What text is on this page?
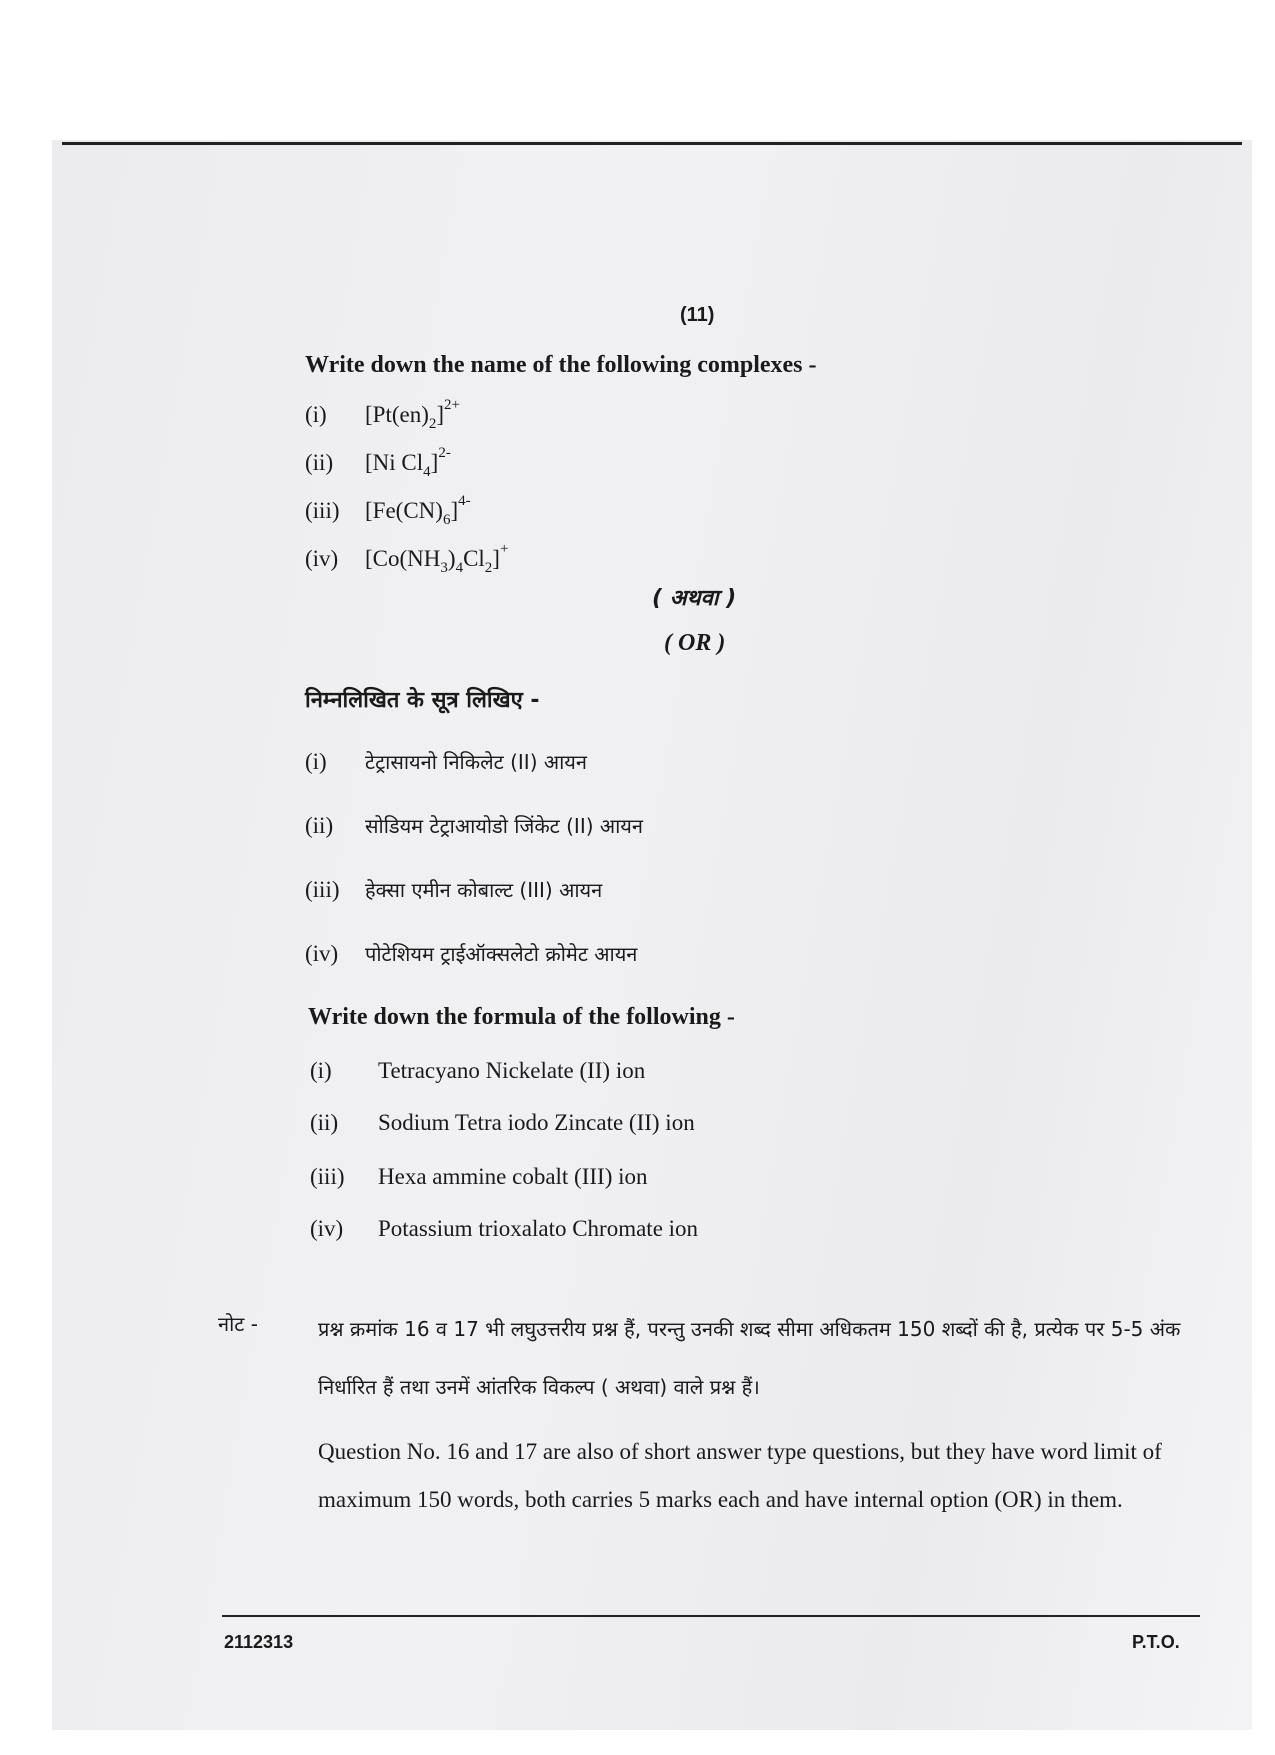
(11)
Write down the name of the following complexes -
(i) $[Pt(en)_2]^{2+}$
(ii) [Ni $Cl_4]^{2-}$
(iii) $[Fe(CN)_6]^{4-}$
(iv) $[Co(NH_3)_4Cl_2]^+$
( अथवा )
( OR )
निम्नलिखित के सूत्र लिखिए -
(i) टेट्रासायनो निकिलेट (II) आयन
(ii) सोडियम टेट्राआयोडो जिंकेट (II) आयन
(iii) हेक्सा एमीन कोबाल्ट (III) आयन
(iv) पोटेशियम ट्राईऑक्सलेटो क्रोमेट आयन
Write down the formula of the following -
(i) Tetracyano Nickelate (II) ion
(ii) Sodium Tetra iodo Zincate (II) ion
(iii) Hexa ammine cobalt (III) ion
(iv) Potassium trioxalato Chromate ion
नोट -	प्रश्न क्रमांक 16 व 17 भी लघुउत्तरीय प्रश्न हैं, परन्तु उनकी शब्द सीमा अधिकतम 150 शब्दों की है, प्रत्येक पर 5-5 अंक निर्धारित हैं तथा उनमें आंतरिक विकल्प ( अथवा) वाले प्रश्न हैं।
Question No. 16 and 17 are also of short answer type questions, but they have word limit of maximum 150 words, both carries 5 marks each and have internal option (OR) in them.
2112313	P.T.O.
